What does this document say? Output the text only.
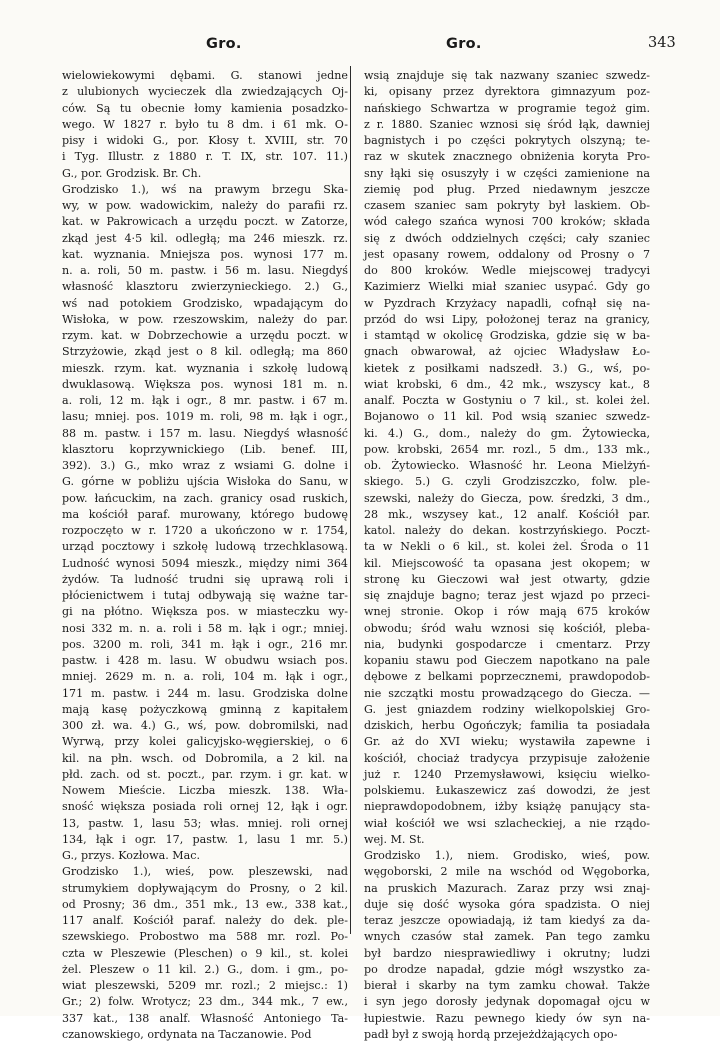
Gro.	Gro.	343
wielowiekowymi dębami. G. stanowi jedne
z ulubionych wycieczek dla zwiedzających Oj-
ców. Są tu obecnie łomy kamienia posadzko-
wego. W 1827 r. było tu 8 dm. i 61 mk. O-
pisy i widoki G., por. Kłosy t. XVIII, str. 70
i Tyg. Illustr. z 1880 r. T. IX, str. 107. 11.)
G., por. Grodzisk. Br. Ch.
Grodzisko 1.), wś na prawym brzegu Ska-
wy, w pow. wadowickim, należy do parafii rz.
kat. w Pakrowicach a urzędu poczt. w Zatorze,
zkąd jest 4·5 kil. odległą; ma 246 mieszk. rz.
kat. wyznania. Mniejsza pos. wynosi 177 m.
n. a. roli, 50 m. pastw. i 56 m. lasu. Niegdyś
własność klasztoru zwierzynieckiego. 2.) G.,
wś nad potokiem Grodzisko, wpadającym do
Wisłoka, w pow. rzeszowskim, należy do par.
rzym. kat. w Dobrzechowie a urzędu poczt. w
Strzyżowie, zkąd jest o 8 kil. odległą; ma 860
mieszk. rzym. kat. wyznania i szkołę ludową
dwuklasową. Większa pos. wynosi 181 m. n.
a. roli, 12 m. łąk i ogr., 8 mr. pastw. i 67 m.
lasu; mniej. pos. 1019 m. roli, 98 m. łąk i ogr.,
88 m. pastw. i 157 m. lasu. Niegdyś własność
klasztoru koprzywnickiego (Lib. benef. III,
392). 3.) G., mko wraz z wsiami G. dolne i
G. górne w pobliżu ujścia Wisłoka do Sanu, w
pow. łańcuckim, na zach. granicy osad ruskich,
ma kościół paraf. murowany, którego budowę
rozpoczęto w r. 1720 a ukończono w r. 1754,
urząd pocztowy i szkołę ludową trzechklasową.
Ludność wynosi 5094 mieszk., między nimi 364
żydów. Ta ludność trudni się uprawą roli i
płócienictwem i tutaj odbywają się ważne tar-
gi na płótno. Większa pos. w miasteczku wy-
nosi 332 m. n. a. roli i 58 m. łąk i ogr.; mniej.
pos. 3200 m. roli, 341 m. łąk i ogr., 216 mr.
pastw. i 428 m. lasu. W obudwu wsiach pos.
mniej. 2629 m. n. a. roli, 104 m. łąk i ogr.,
171 m. pastw. i 244 m. lasu. Grodziska dolne
mają kasę pożyczkową gminną z kapitałem
300 zł. wa. 4.) G., wś, pow. dobromilski, nad
Wyrwą, przy kolei galicyjsko-węgierskiej, o 6
kil. na płn. wsch. od Dobromila, a 2 kil. na
płd. zach. od st. poczt., par. rzym. i gr. kat. w
Nowem Mieście. Liczba mieszk. 138. Wła-
sność większa posiada roli ornej 12, łąk i ogr.
13, pastw. 1, lasu 53; włas. mniej. roli ornej
134, łąk i ogr. 17, pastw. 1, lasu 1 mr. 5.)
G., przys. Kozłowa. Mac.
Grodzisko 1.), wieś, pow. pleszewski, nad
strumykiem dopływającym do Prosny, o 2 kil.
od Prosny; 36 dm., 351 mk., 13 ew., 338 kat.,
117 analf. Kościół paraf. należy do dek. ple-
szewskiego. Probostwo ma 588 mr. rozl. Po-
czta w Pleszewie (Pleschen) o 9 kil., st. kolei
żel. Pleszew o 11 kil. 2.) G., dom. i gm., po-
wiat pleszewski, 5209 mr. rozl.; 2 miejsc.: 1)
Gr.; 2) folw. Wrotycz; 23 dm., 344 mk., 7 ew.,
337 kat., 138 analf. Własność Antoniego Ta-
czanowskiego, ordynata na Taczanowie. Pod
wsią znajduje się tak nazwany szaniec szwedz-
ki, opisany przez dyrektora gimnazyum poz-
nańskiego Schwartza w programie tegoż gim.
z r. 1880. Szaniec wznosi się śród łąk, dawniej
bagnistych i po części pokrytych olszyną; te-
raz w skutek znacznego obniżenia koryta Pro-
sny łąki się osuszyły i w części zamienione na
ziemię pod pług. Przed niedawnym jeszcze
czasem szaniec sam pokryty był laskiem. Ob-
wód całego szańca wynosi 700 kroków; składa
się z dwóch oddzielnych części; cały szaniec
jest opasany rowem, oddalony od Prosny o 7
do 800 kroków. Wedle miejscowej tradycyi
Kazimierz Wielki miał szaniec usypać. Gdy go
w Pyzdrach Krzyżacy napadli, cofnął się na-
przód do wsi Lipy, położonej teraz na granicy,
i stamtąd w okolicę Grodziska, gdzie się w ba-
gnach obwarował, aż ojciec Władysław Ło-
kietek z posiłkami nadszedł. 3.) G., wś, po-
wiat krobski, 6 dm., 42 mk., wszyscy kat., 8
analf. Poczta w Gostyniu o 7 kil., st. kolei żel.
Bojanowo o 11 kil. Pod wsią szaniec szwedz-
ki. 4.) G., dom., należy do gm. Żytowiecka,
pow. krobski, 2654 mr. rozl., 5 dm., 133 mk.,
ob. Żytowiecko. Własność hr. Leona Mielżyń-
skiego. 5.) G. czyli Grodziszczko, folw. ple-
szewski, należy do Giecza, pow. średzki, 3 dm.,
28 mk., wszysey kat., 12 analf. Kościół par.
katol. należy do dekan. kostrzyńskiego. Poczt-
ta w Nekli o 6 kil., st. kolei żel. Środa o 11
kil. Miejscowość ta opasana jest okopem; w
stronę ku Gieczowi wał jest otwarty, gdzie
się znajduje bagno; teraz jest wjazd po przeci-
wnej stronie. Okop i rów mają 675 kroków
obwodu; śród wału wznosi się kościół, pleba-
nia, budynki gospodarcze i cmentarz. Przy
kopaniu stawu pod Gieczem napotkano na pale
dębowe z belkami poprzecznemi, prawdopodob-
nie szczątki mostu prowadzącego do Giecza. —
G. jest gniazdem rodziny wielkopolskiej Gro-
dziskich, herbu Ogończyk; familia ta posiadała
Gr. aż do XVI wieku; wystawiła zapewne i
kościół, chociaż tradycya przypisuje założenie
już r. 1240 Przemysławowi, księciu wielko-
polskiemu. Łukaszewicz zaś dowodzi, że jest
nieprawdopodobnem, iżby książę panujący sta-
wiał kościół we wsi szlacheckiej, a nie rządo-
wej. M. St.
Grodzisko 1.), niem. Grodisko, wieś, pow.
węgoborski, 2 mile na wschód od Węgoborka,
na pruskich Mazurach. Zaraz przy wsi znaj-
duje się dość wysoka góra spadzista. O niej
teraz jeszcze opowiadają, iż tam kiedyś za da-
wnych czasów stał zamek. Pan tego zamku
był bardzo niesprawiedliwy i okrutny; ludzi
po drodze napadał, gdzie mógł wszystko za-
bierał i skarby na tym zamku chował. Także
i syn jego dorosły jedynak dopomagał ojcu w
łupiestwie. Razu pewnego kiedy ów syn na-
padł był z swoją hordą przejeżdżających opo-
